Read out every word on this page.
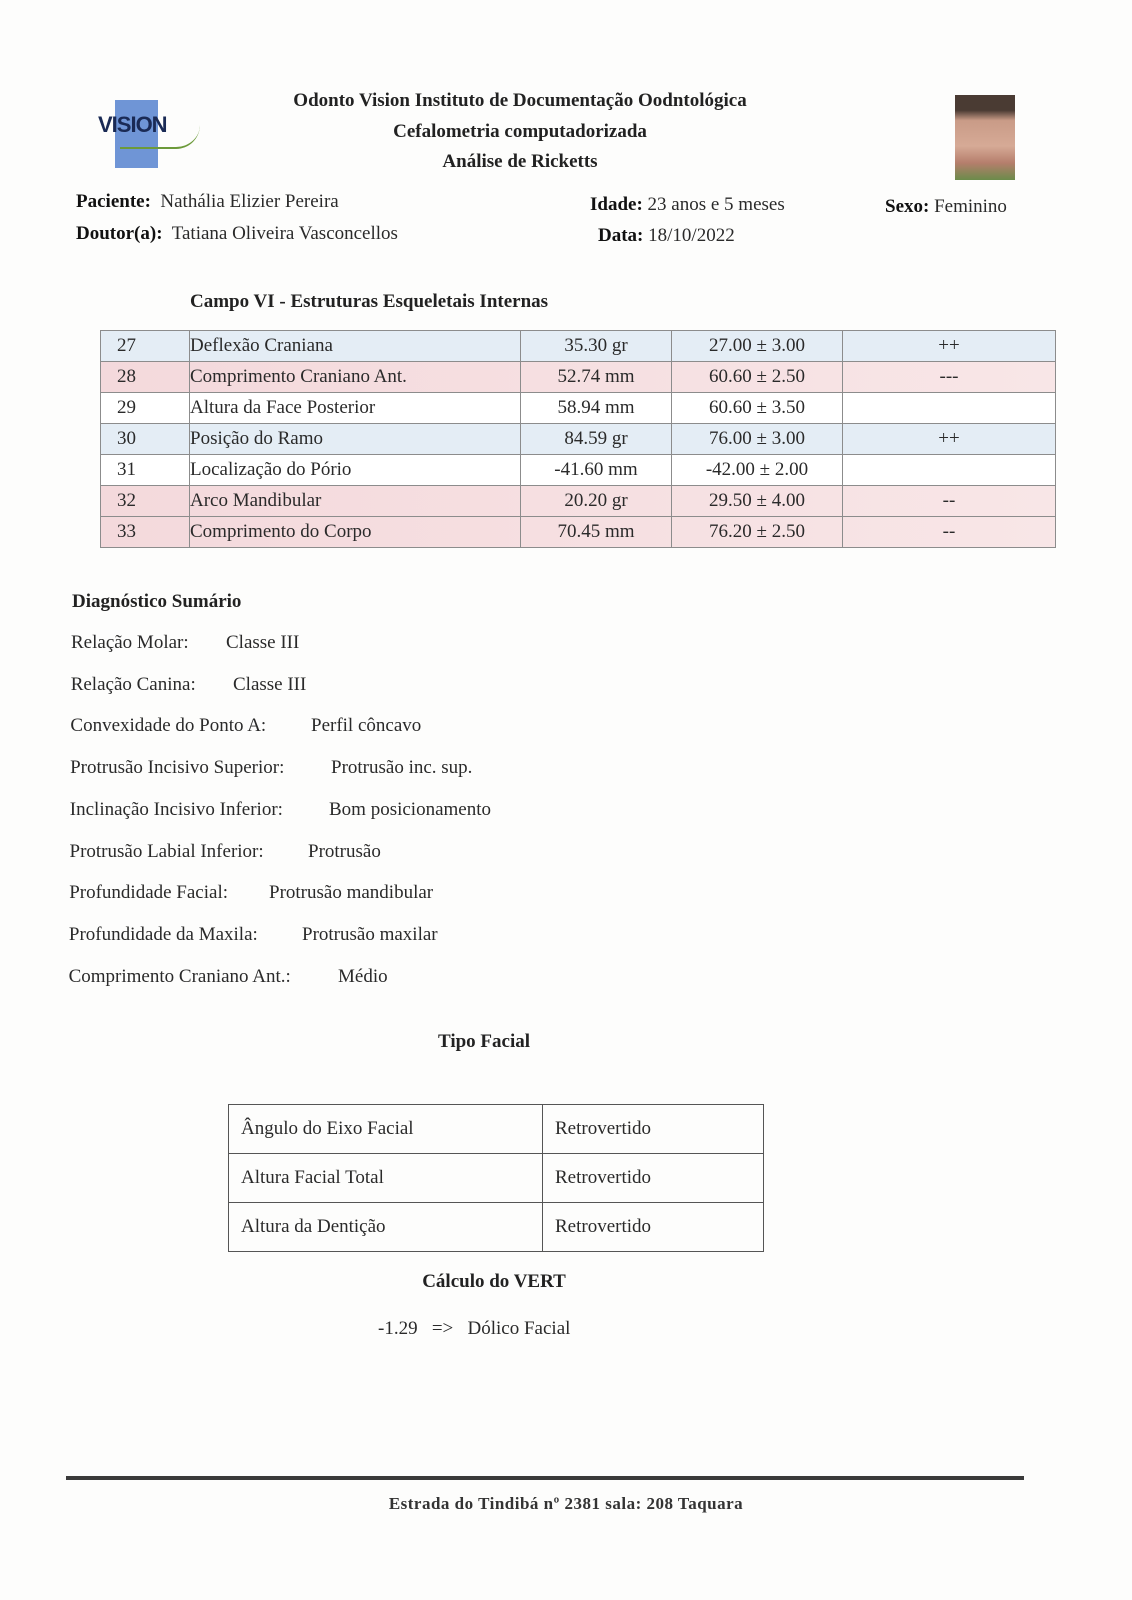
VISION
Odonto Vision Instituto de Documentação Oodntológica
Cefalometria computadorizada
Análise de Ricketts
Paciente: Nathália Elizier Pereira
Doutor(a): Tatiana Oliveira Vasconcellos
Idade: 23 anos e 5 meses
Data: 18/10/2022
Sexo: Feminino
Campo VI - Estruturas Esqueletais Internas
27	Deflexão Craniana	35.30 gr	27.00 ± 3.00	++
28	Comprimento Craniano Ant.	52.74 mm	60.60 ± 2.50	---
29	Altura da Face Posterior	58.94 mm	60.60 ± 3.50	
30	Posição do Ramo	84.59 gr	76.00 ± 3.00	++
31	Localização do Pório	-41.60 mm	-42.00 ± 2.00	
32	Arco Mandibular	20.20 gr	29.50 ± 4.00	--
33	Comprimento do Corpo	70.45 mm	76.20 ± 2.50	--
Diagnóstico Sumário
Relação Molar: Classe III
Relação Canina: Classe III
Convexidade do Ponto A: Perfil côncavo
Protrusão Incisivo Superior: Protrusão inc. sup.
Inclinação Incisivo Inferior: Bom posicionamento
Protrusão Labial Inferior: Protrusão
Profundidade Facial: Protrusão mandibular
Profundidade da Maxila: Protrusão maxilar
Comprimento Craniano Ant.: Médio
Tipo Facial
Ângulo do Eixo Facial	Retrovertido
Altura Facial Total	Retrovertido
Altura da Dentição	Retrovertido
Cálculo do VERT
-1.29 => Dólico Facial
Estrada do Tindibá nº 2381 sala: 208 Taquara
